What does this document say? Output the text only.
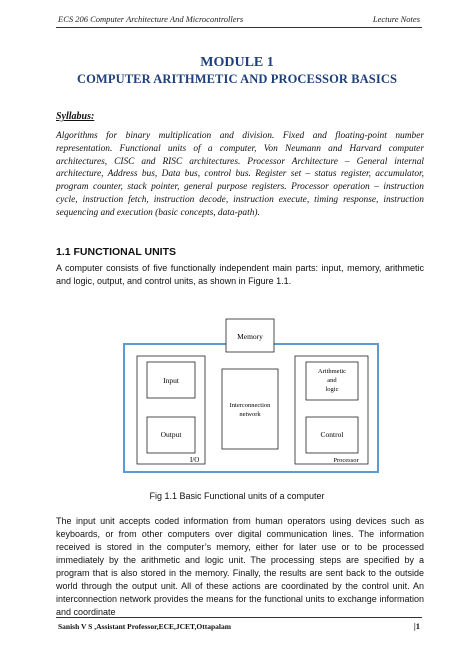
ECS 206 Computer Architecture And Microcontrollers	Lecture Notes
MODULE 1
COMPUTER ARITHMETIC AND PROCESSOR BASICS
Syllabus:
Algorithms for binary multiplication and division. Fixed and floating-point number representation. Functional units of a computer, Von Neumann and Harvard computer architectures, CISC and RISC architectures. Processor Architecture – General internal architecture, Address bus, Data bus, control bus. Register set – status register, accumulator, program counter, stack pointer, general purpose registers. Processor operation – instruction cycle, instruction fetch, instruction decode, instruction execute, timing response, instruction sequencing and execution (basic concepts, data-path).
1.1 FUNCTIONAL UNITS
A computer consists of five functionally independent main parts: input, memory, arithmetic and logic, output, and control units, as shown in Figure 1.1.
Memory
I/O
Input
Output
Interconnection
network
Processor
Arithmetic
and
logic
Control
Fig 1.1 Basic Functional units of a computer
The input unit accepts coded information from human operators using devices such as keyboards, or from other computers over digital communication lines. The information received is stored in the computer’s memory, either for later use or to be processed immediately by the arithmetic and logic unit. The processing steps are specified by a program that is also stored in the memory. Finally, the results are sent back to the outside world through the output unit. All of these actions are coordinated by the control unit. An interconnection network provides the means for the functional units to exchange information and coordinate
Sanish V S ,Assistant Professor,ECE,JCET,Ottapalam	|1
